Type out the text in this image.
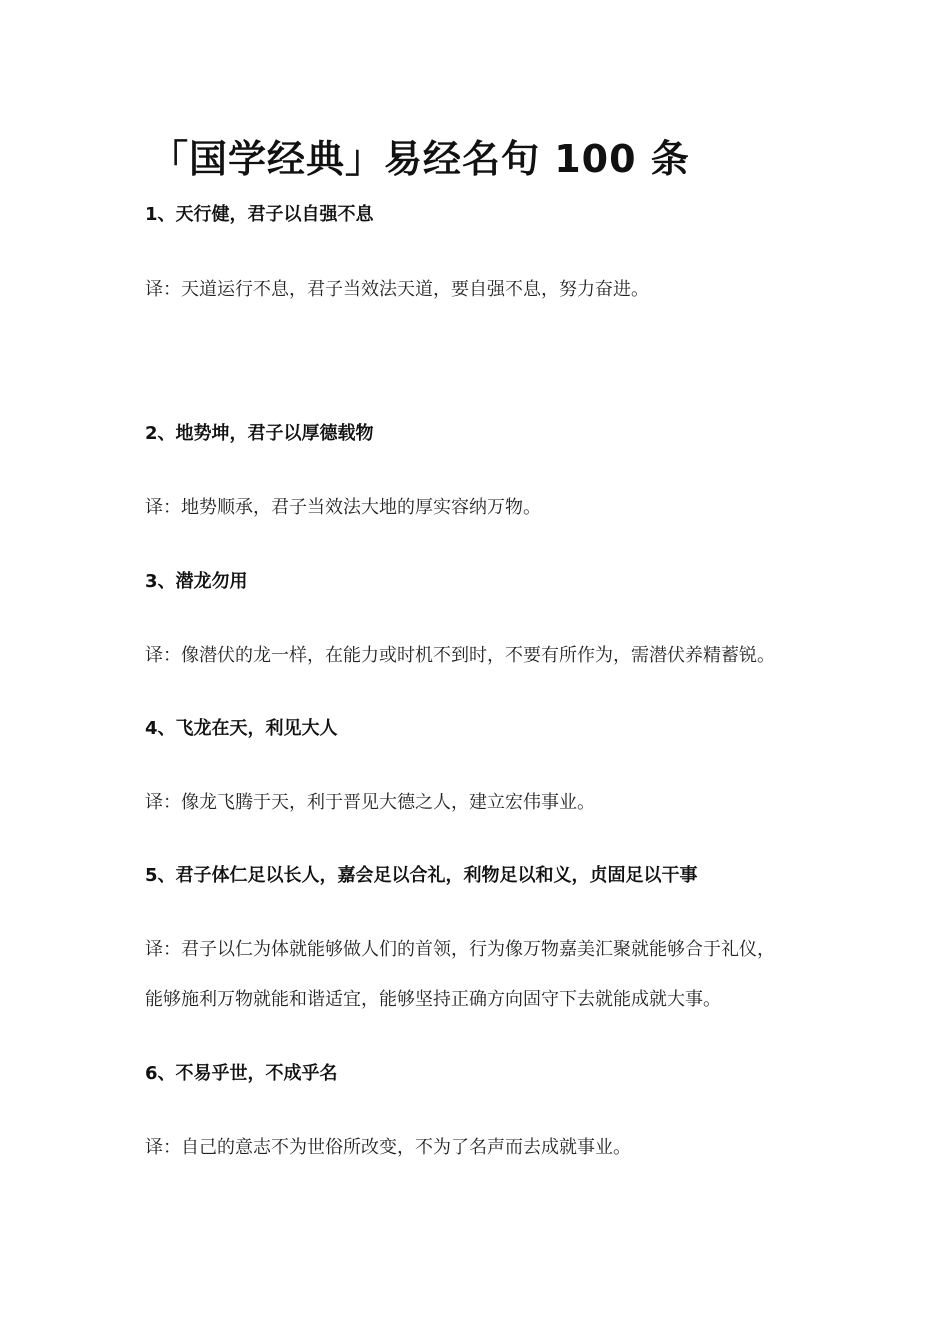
「国学经典」易经名句 100 条
1、天行健，君子以自强不息
译：天道运行不息，君子当效法天道，要自强不息，努力奋进。
2、地势坤，君子以厚德载物
译：地势顺承，君子当效法大地的厚实容纳万物。
3、潜龙勿用
译：像潜伏的龙一样，在能力或时机不到时，不要有所作为，需潜伏养精蓄锐。
4、飞龙在天，利见大人
译：像龙飞腾于天，利于晋见大德之人，建立宏伟事业。
5、君子体仁足以长人，嘉会足以合礼，利物足以和义，贞固足以干事
译：君子以仁为体就能够做人们的首领，行为像万物嘉美汇聚就能够合于礼仪，
能够施利万物就能和谐适宜，能够坚持正确方向固守下去就能成就大事。
6、不易乎世，不成乎名
译：自己的意志不为世俗所改变，不为了名声而去成就事业。
